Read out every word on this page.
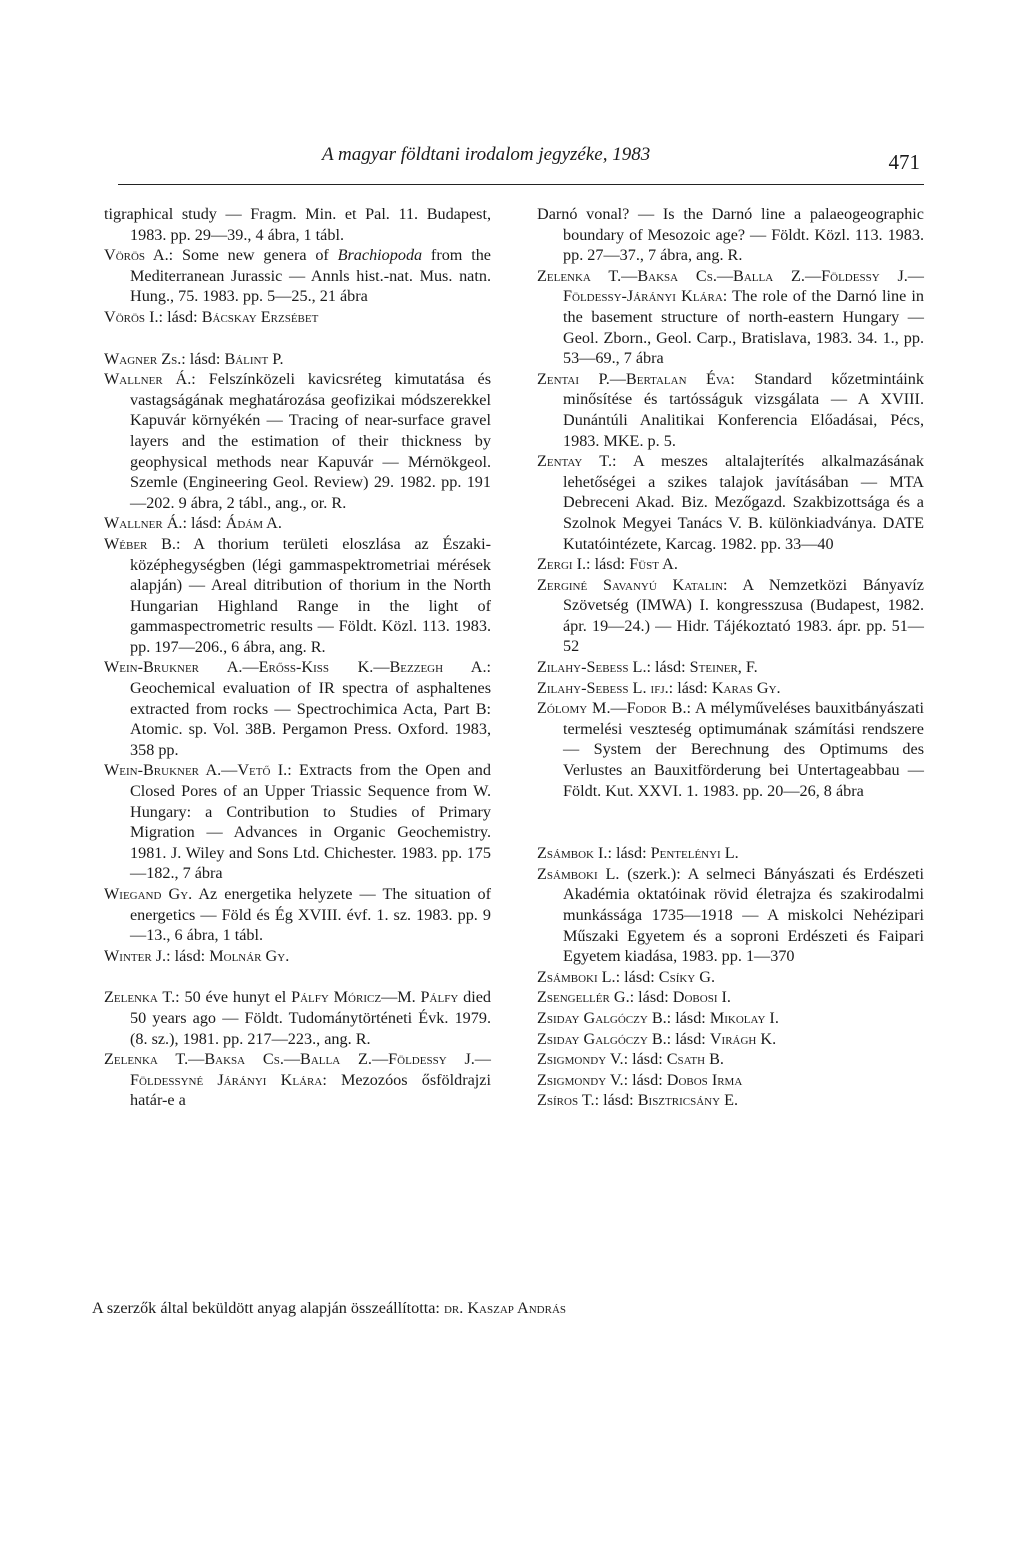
A magyar földtani irodalom jegyzéke, 1983	471

tigraphical study — Fragm. Min. et Pal. 11. Budapest, 1983. pp. 29—39., 4 ábra, 1 tábl.

Vörös A.: Some new genera of Brachiopoda from the Mediterranean Jurassic — Annls hist.-nat. Mus. natn. Hung., 75. 1983. pp. 5—25., 21 ábra

Vörös I.: lásd: Bácskay Erzsébet

Wagner Zs.: lásd: Bálint P.

Wallner Á.: Felszínközeli kavicsréteg kimutatása és vastagságának meghatározása geofizikai módszerekkel Kapuvár környékén — Tracing of near-surface gravel layers and the estimation of their thickness by geophysical methods near Kapuvár — Mérnökgeol. Szemle (Engineering Geol. Review) 29. 1982. pp. 191—202. 9 ábra, 2 tábl., ang., or. R.

Wallner Á.: lásd: Ádám A.

Wéber B.: A thorium területi eloszlása az Északi-középhegységben (légi gammaspektrometriai mérések alapján) — Areal ditribution of thorium in the North Hungarian Highland Range in the light of gammaspectrometric results — Földt. Közl. 113. 1983. pp. 197—206., 6 ábra, ang. R.

Wein-Brukner A.—Erőss-Kiss K.—Bezzegh A.: Geochemical evaluation of IR spectra of asphaltenes extracted from rocks — Spectrochimica Acta, Part B: Atomic. sp. Vol. 38B. Pergamon Press. Oxford. 1983, 358 pp.

Wein-Brukner A.—Vető I.: Extracts from the Open and Closed Pores of an Upper Triassic Sequence from W. Hungary: a Contribution to Studies of Primary Migration — Advances in Organic Geochemistry. 1981. J. Wiley and Sons Ltd. Chichester. 1983. pp. 175—182., 7 ábra

Wiegand Gy. Az energetika helyzete — The situation of energetics — Föld és Ég XVIII. évf. 1. sz. 1983. pp. 9—13., 6 ábra, 1 tábl.

Winter J.: lásd: Molnár Gy.

Zelenka T.: 50 éve hunyt el Pálfy Móricz—M. Pálfy died 50 years ago — Földt. Tudománytörténeti Évk. 1979. (8. sz.), 1981. pp. 217—223., ang. R.

Zelenka T.—Baksa Cs.—Balla Z.—Földessy J.—Földessyné Járányi Klára: Mezozóos ősföldrajzi határ-e a

Darnó vonal? — Is the Darnó line a palaeogeographic boundary of Mesozoic age? — Földt. Közl. 113. 1983. pp. 27—37., 7 ábra, ang. R.

Zelenka T.—Baksa Cs.—Balla Z.—Földessy J.—Földessy-Járányi Klára: The role of the Darnó line in the basement structure of north-eastern Hungary — Geol. Zborn., Geol. Carp., Bratislava, 1983. 34. 1., pp. 53—69., 7 ábra

Zentai P.—Bertalan Éva: Standard kőzetmintáink minősítése és tartósságuk vizsgálata — A XVIII. Dunántúli Analitikai Konferencia Előadásai, Pécs, 1983. MKE. p. 5.

Zentay T.: A meszes altalajterítés alkalmazásának lehetőségei a szikes talajok javításában — MTA Debreceni Akad. Biz. Mezőgazd. Szakbizottsága és a Szolnok Megyei Tanács V. B. különkiadványa. DATE Kutatóintézete, Karcag. 1982. pp. 33—40

Zergi I.: lásd: Füst A.

Zerginé Savanyú Katalin: A Nemzetközi Bányavíz Szövetség (IMWA) I. kongresszusa (Budapest, 1982. ápr. 19—24.) — Hidr. Tájékoztató 1983. ápr. pp. 51—52

Zilahy-Sebess L.: lásd: Steiner, F.

Zilahy-Sebess L. ifj.: lásd: Karas Gy.

Zólomy M.—Fodor B.: A mélyműveléses bauxitbányászati termelési veszteség optimumának számítási rendszere — System der Berechnung des Optimums des Verlustes an Bauxitförderung bei Untertageabbau — Földt. Kut. XXVI. 1. 1983. pp. 20—26, 8 ábra

Zsámbok I.: lásd: Pentelényi L.

Zsámboki L. (szerk.): A selmeci Bányászati és Erdészeti Akadémia oktatóinak rövid életrajza és szakirodalmi munkássága 1735—1918 — A miskolci Nehézipari Műszaki Egyetem és a soproni Erdészeti és Faipari Egyetem kiadása, 1983. pp. 1—370

Zsámboki L.: lásd: Csíky G.

Zsengellér G.: lásd: Dobosi I.

Zsiday Galgóczy B.: lásd: Mikolay I.

Zsiday Galgóczy B.: lásd: Virágh K.

Zsigmondy V.: lásd: Csath B.

Zsigmondy V.: lásd: Dobos Irma

Zsíros T.: lásd: Bisztricsány E.

A szerzők által beküldött anyag alapján összeállította: dr. Kaszap András
